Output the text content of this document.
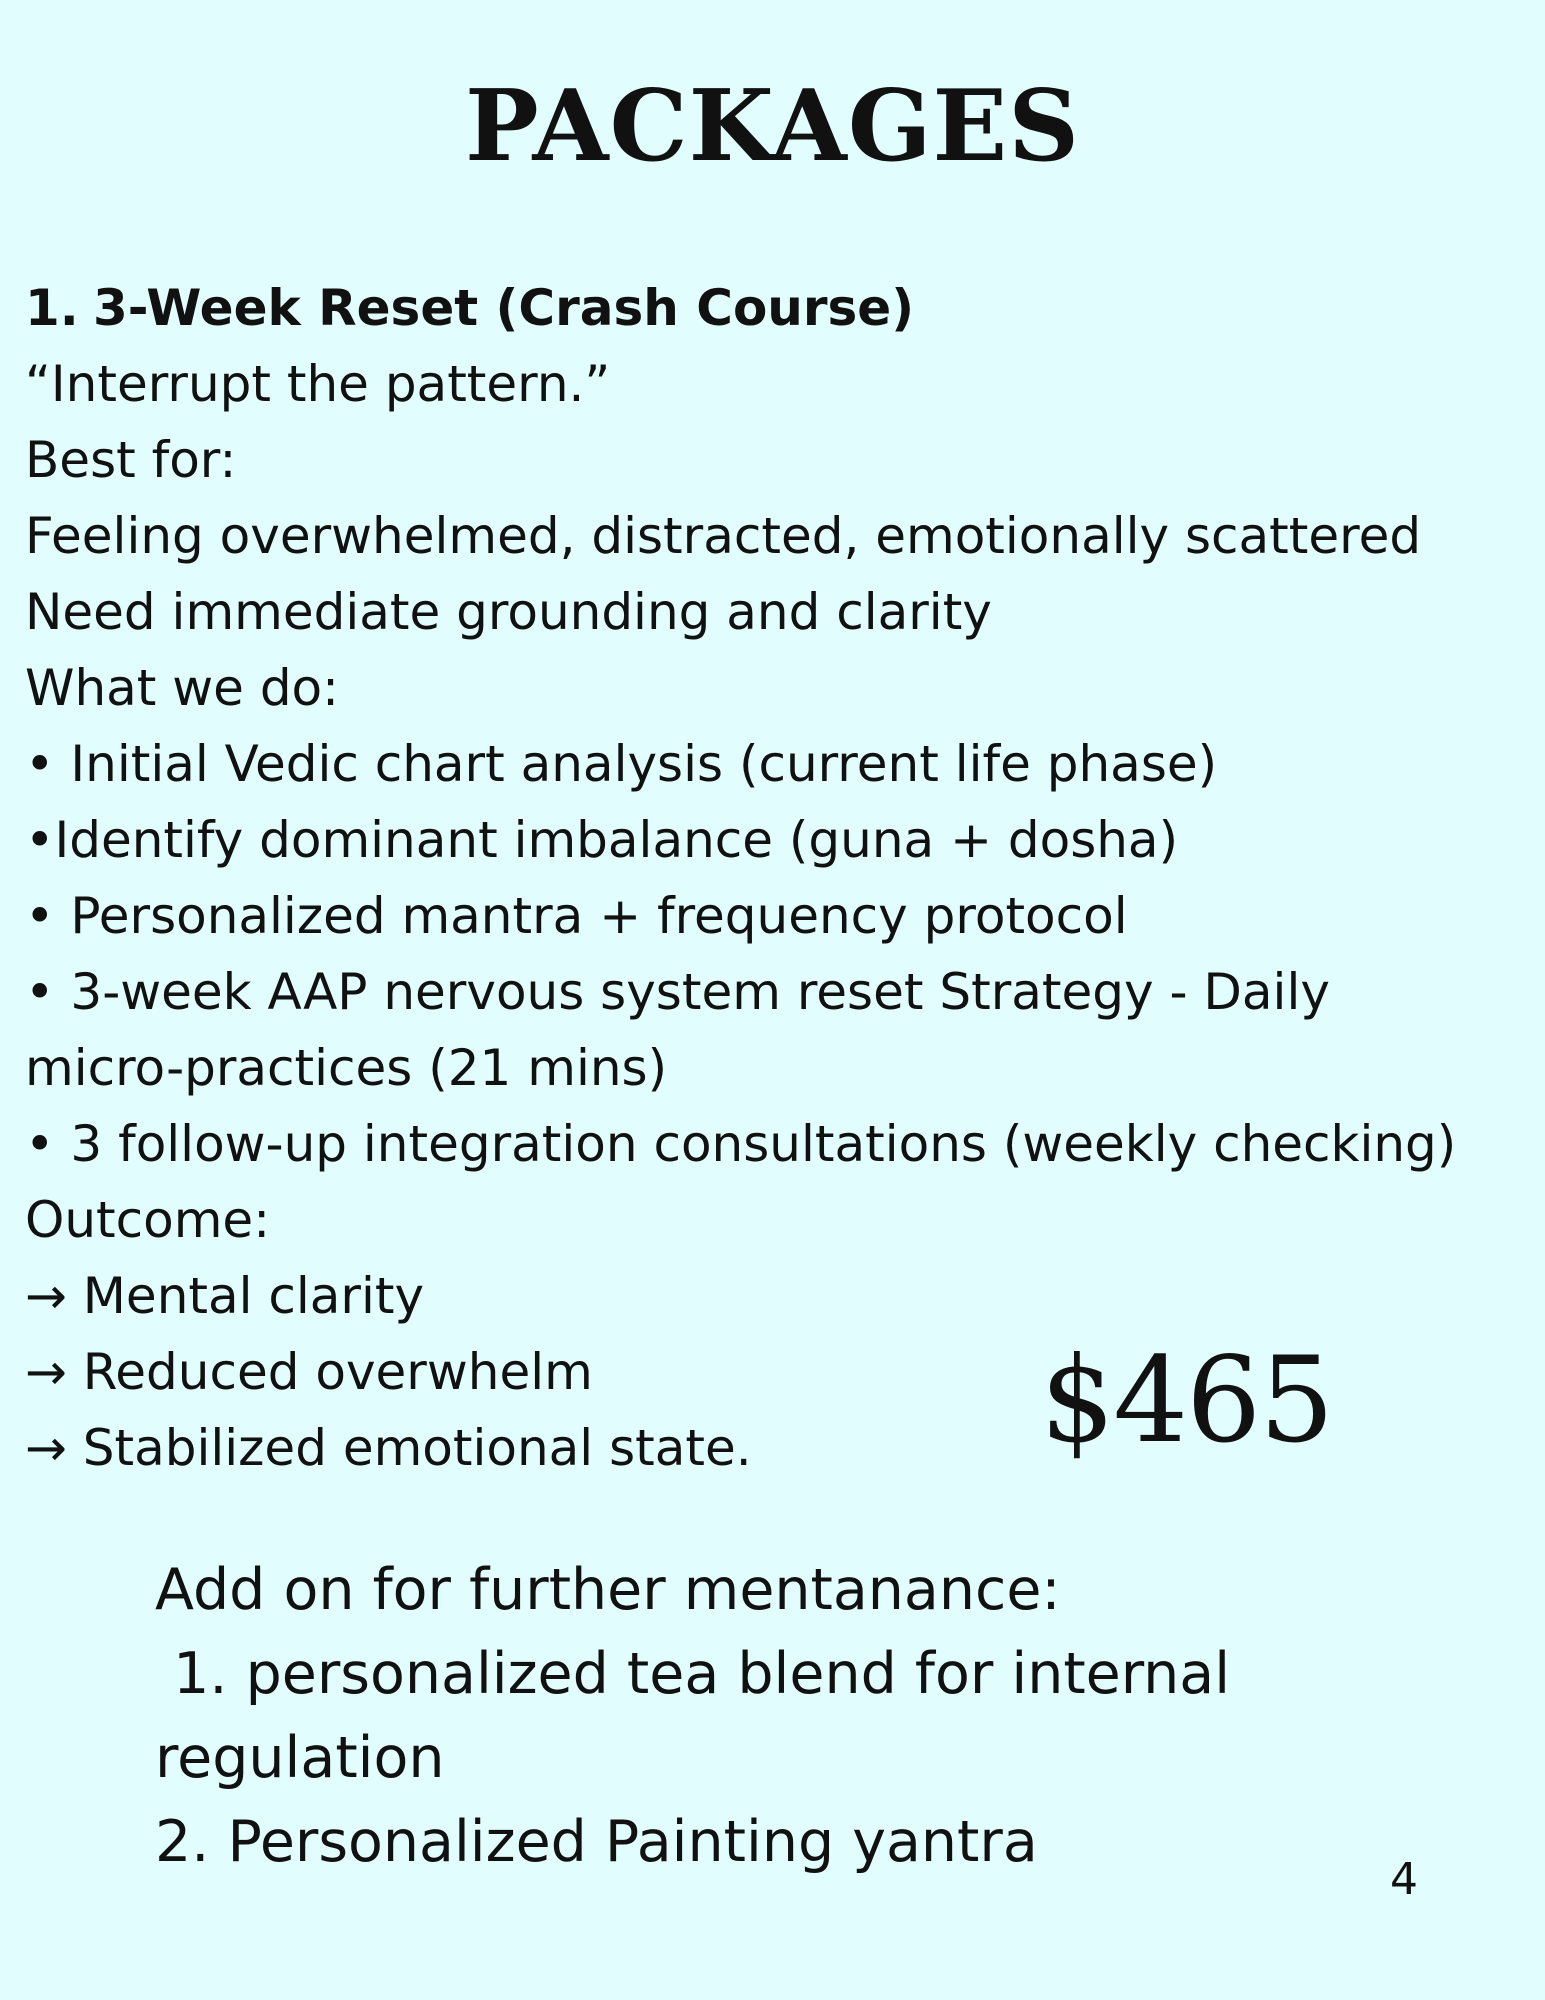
PACKAGES
1. 3-Week Reset (Crash Course)
“Interrupt the pattern.”
Best for:
Feeling overwhelmed, distracted, emotionally scattered
Need immediate grounding and clarity
What we do:
• Initial Vedic chart analysis (current life phase)
•Identify dominant imbalance (guna + dosha)
• Personalized mantra + frequency protocol
• 3-week AAP nervous system reset Strategy - Daily micro-practices (21 mins)
• 3 follow-up integration consultations (weekly checking)
Outcome:
→ Mental clarity
→ Reduced overwhelm
→ Stabilized emotional state.	$465
Add on for further mentanance:
1. personalized tea blend for internal regulation
2. Personalized Painting yantra
4
